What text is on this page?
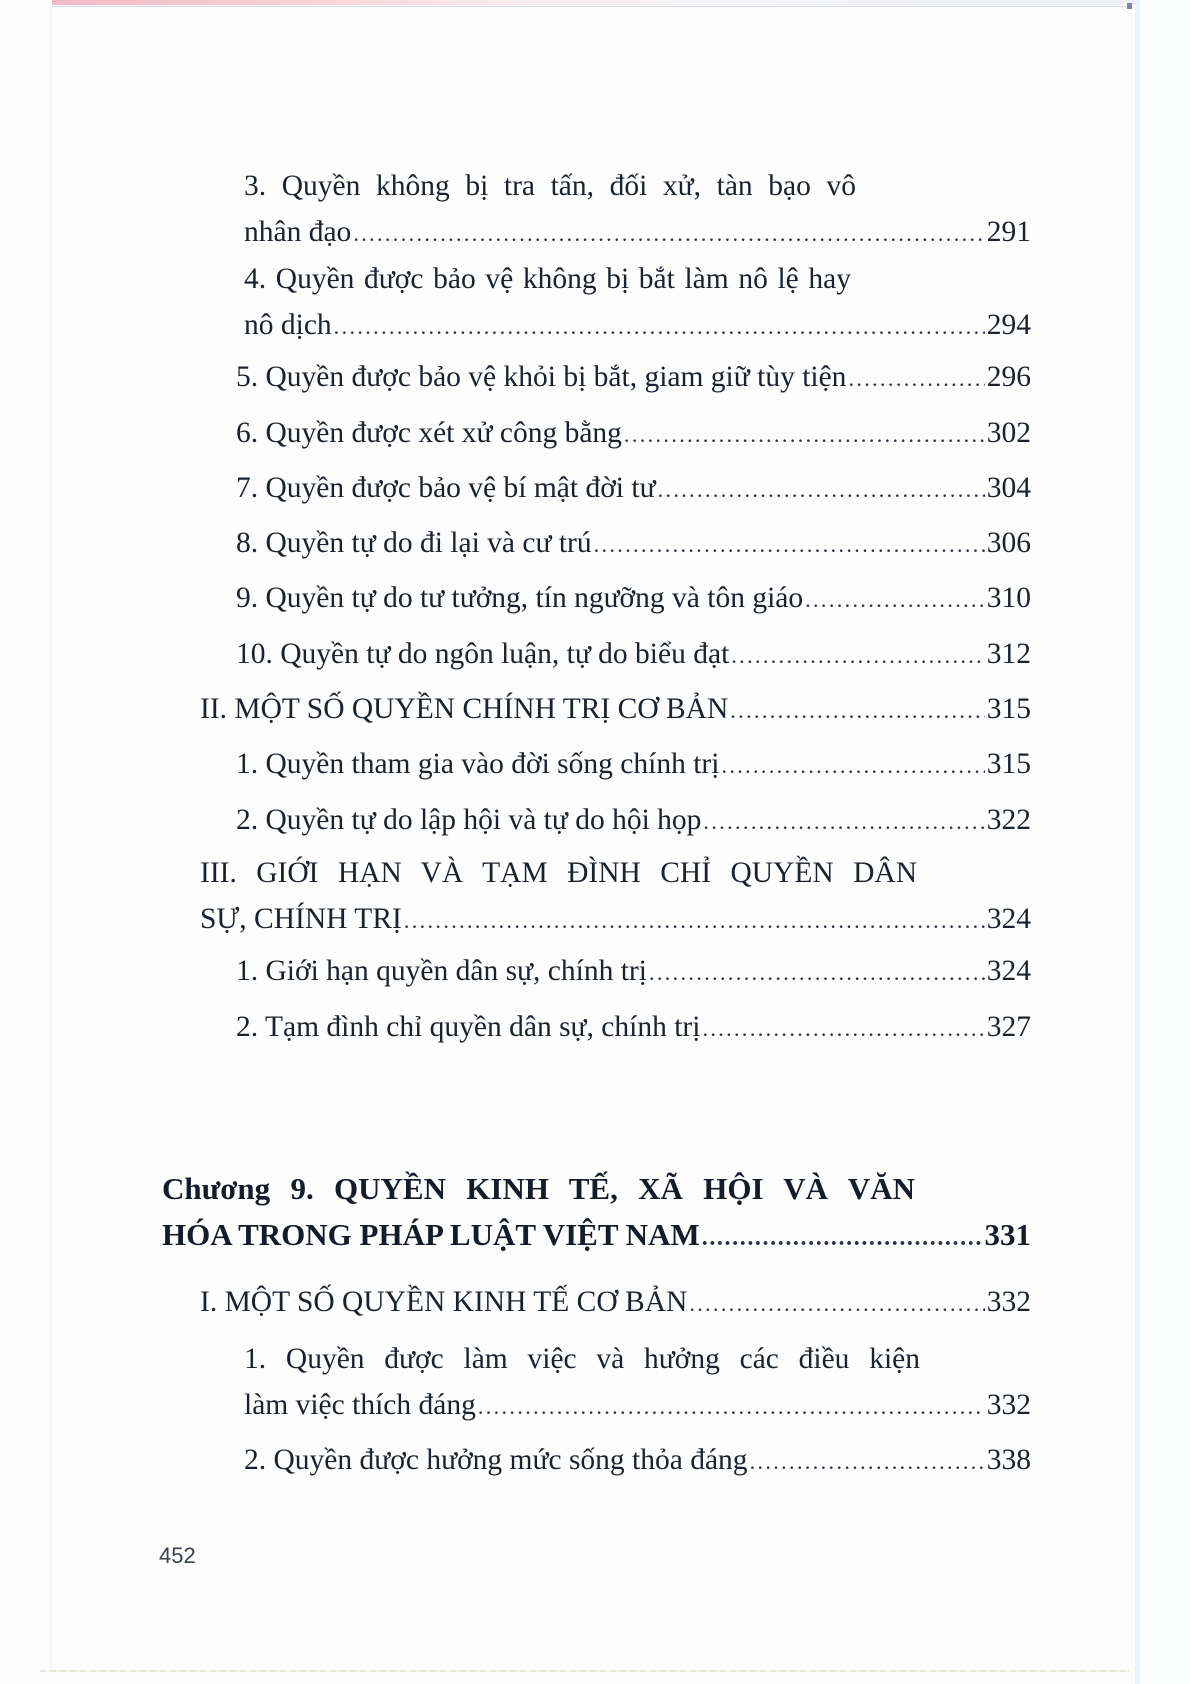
3. Quyền không bị tra tấn, đối xử, tàn bạo vô
nhân đạo .....	291
4. Quyền được bảo vệ không bị bắt làm nô lệ hay
nô dịch .....	294
5. Quyền được bảo vệ khỏi bị bắt, giam giữ tùy tiện .....	296
6. Quyền được xét xử công bằng .....	302
7. Quyền được bảo vệ bí mật đời tư .....	304
8. Quyền tự do đi lại và cư trú .....	306
9. Quyền tự do tư tưởng, tín ngưỡng và tôn giáo .....	310
10. Quyền tự do ngôn luận, tự do biểu đạt .....	312
II. MỘT SỐ QUYỀN CHÍNH TRỊ CƠ BẢN .....	315
1. Quyền tham gia vào đời sống chính trị .....	315
2. Quyền tự do lập hội và tự do hội họp .....	322
III. GIỚI HẠN VÀ TẠM ĐÌNH CHỈ QUYỀN DÂN
SỰ, CHÍNH TRỊ .....	324
1. Giới hạn quyền dân sự, chính trị .....	324
2. Tạm đình chỉ quyền dân sự, chính trị .....	327
Chương 9. QUYỀN KINH TẾ, XÃ HỘI VÀ VĂN
HÓA TRONG PHÁP LUẬT VIỆT NAM .....	331
I. MỘT SỐ QUYỀN KINH TẾ CƠ BẢN .....	332
1. Quyền được làm việc và hưởng các điều kiện
làm việc thích đáng .....	332
2. Quyền được hưởng mức sống thỏa đáng .....	338
452
